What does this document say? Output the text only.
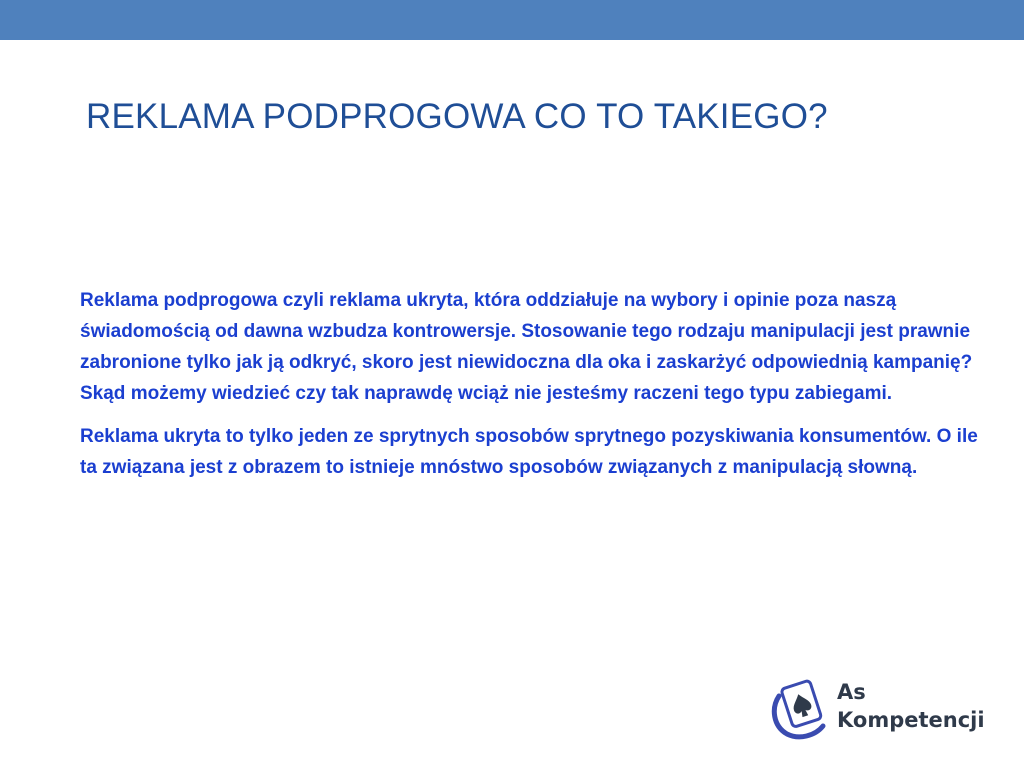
REKLAMA PODPROGOWA CO TO TAKIEGO?

Reklama podprogowa czyli reklama ukryta, która oddziałuje na wybory i opinie poza naszą świadomością od dawna wzbudza kontrowersje. Stosowanie tego rodzaju manipulacji jest prawnie zabronione tylko jak ją odkryć, skoro jest niewidoczna dla oka i zaskarżyć odpowiednią kampanię? Skąd możemy wiedzieć czy tak naprawdę wciąż nie jesteśmy raczeni tego typu zabiegami.

Reklama ukryta to tylko jeden ze sprytnych sposobów sprytnego pozyskiwania konsumentów. O ile ta związana jest z obrazem to istnieje mnóstwo sposobów związanych z manipulacją słowną.

As
Kompetencji
